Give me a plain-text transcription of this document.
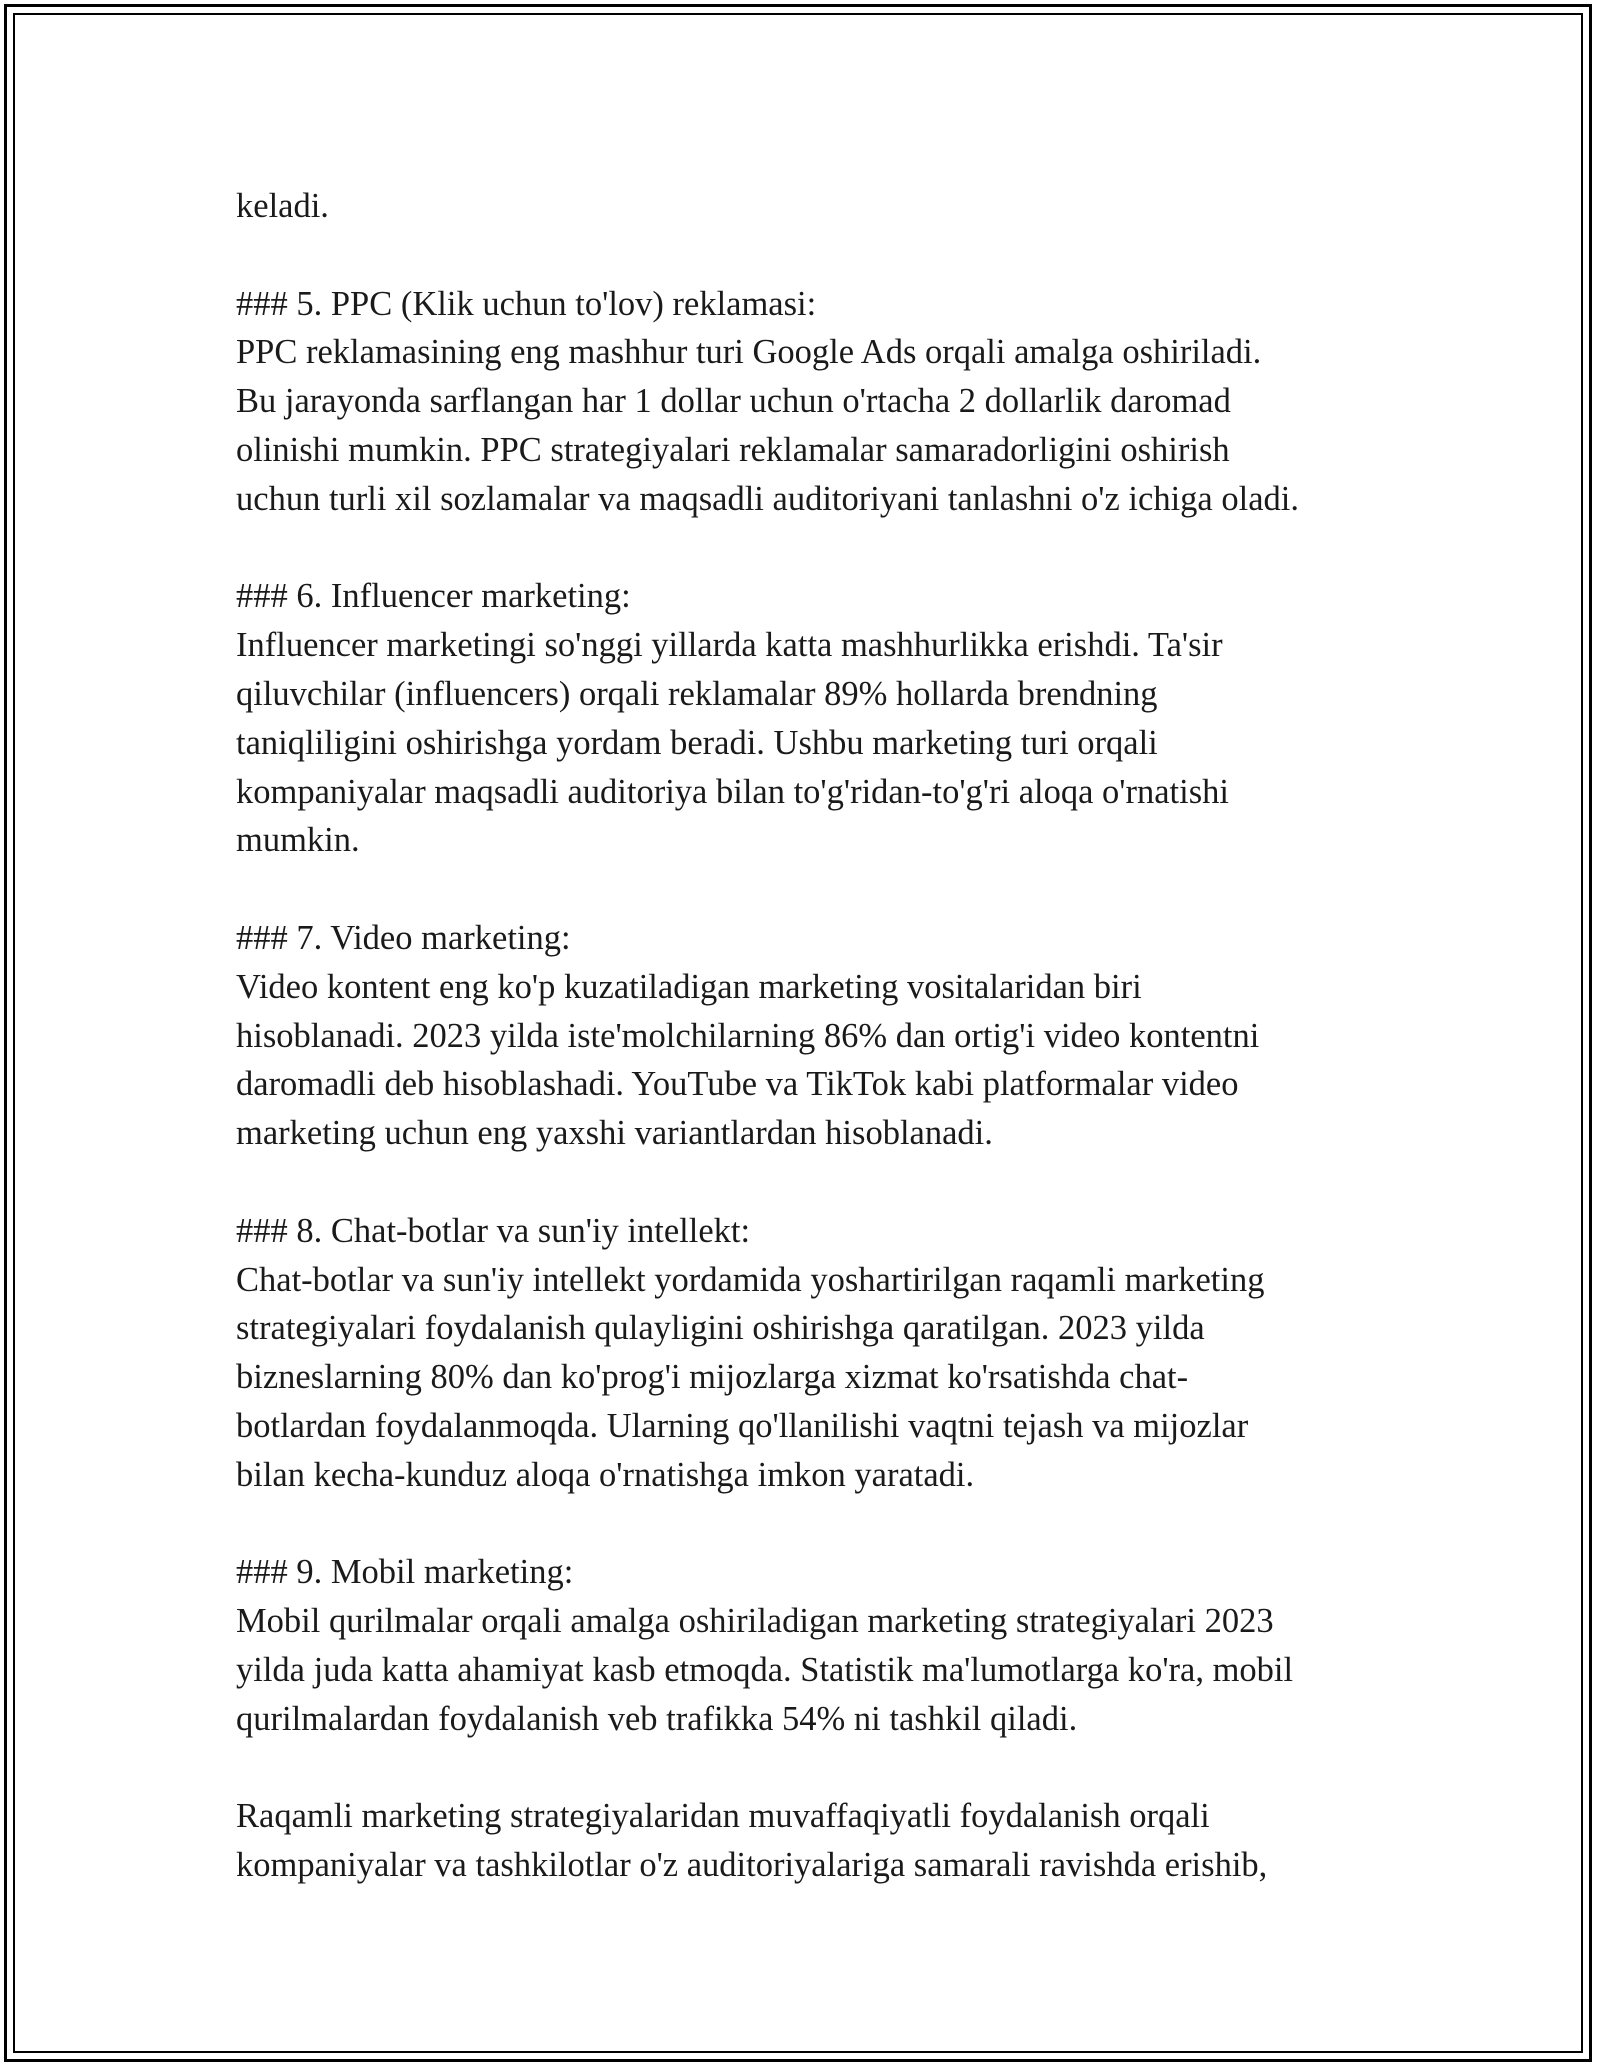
keladi.
### 5. PPC (Klik uchun to'lov) reklamasi:
PPC reklamasining eng mashhur turi Google Ads orqali amalga oshiriladi.
Bu jarayonda sarflangan har 1 dollar uchun o'rtacha 2 dollarlik daromad
olinishi mumkin. PPC strategiyalari reklamalar samaradorligini oshirish
uchun turli xil sozlamalar va maqsadli auditoriyani tanlashni o'z ichiga oladi.
### 6. Influencer marketing:
Influencer marketingi so'nggi yillarda katta mashhurlikka erishdi. Ta'sir
qiluvchilar (influencers) orqali reklamalar 89% hollarda brendning
taniqliligini oshirishga yordam beradi. Ushbu marketing turi orqali
kompaniyalar maqsadli auditoriya bilan to'g'ridan-to'g'ri aloqa o'rnatishi
mumkin.
### 7. Video marketing:
Video kontent eng ko'p kuzatiladigan marketing vositalaridan biri
hisoblanadi. 2023 yilda iste'molchilarning 86% dan ortig'i video kontentni
daromadli deb hisoblashadi. YouTube va TikTok kabi platformalar video
marketing uchun eng yaxshi variantlardan hisoblanadi.
### 8. Chat-botlar va sun'iy intellekt:
Chat-botlar va sun'iy intellekt yordamida yoshartirilgan raqamli marketing
strategiyalari foydalanish qulayligini oshirishga qaratilgan. 2023 yilda
bizneslarning 80% dan ko'prog'i mijozlarga xizmat ko'rsatishda chat-
botlardan foydalanmoqda. Ularning qo'llanilishi vaqtni tejash va mijozlar
bilan kecha-kunduz aloqa o'rnatishga imkon yaratadi.
### 9. Mobil marketing:
Mobil qurilmalar orqali amalga oshiriladigan marketing strategiyalari 2023
yilda juda katta ahamiyat kasb etmoqda. Statistik ma'lumotlarga ko'ra, mobil
qurilmalardan foydalanish veb trafikka 54% ni tashkil qiladi.
Raqamli marketing strategiyalaridan muvaffaqiyatli foydalanish orqali
kompaniyalar va tashkilotlar o'z auditoriyalariga samarali ravishda erishib,
